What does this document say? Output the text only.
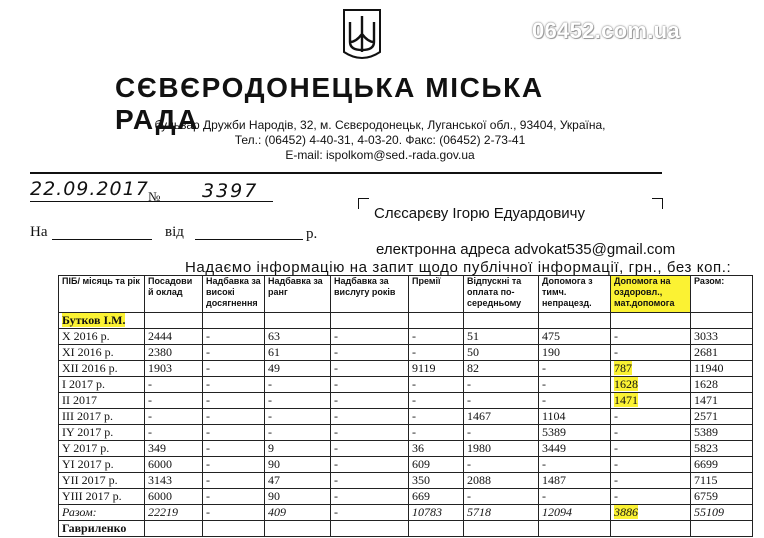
06452.com.ua
СЄВЄРОДОНЕЦЬКА МІСЬКА РАДА
бульвар Дружби Народів, 32, м. Сєвєродонецьк, Луганської обл., 93404, Україна,
Тел.: (06452) 4-40-31, 4-03-20. Факс: (06452) 2-73-41
E-mail: ispolkom@sed.-rada.gov.ua
22.09.2017 № 3397
На	від	р.
Слєсарєву Ігорю Едуардовичу
електронна адреса advokat535@gmail.com
Надаємо інформацію на запит щодо публічної інформації, грн., без коп.:
ПІБ/ місяць та рік	Посадови й оклад	Надбавка за високі досягнення	Надбавка за ранг	Надбавка за вислугу років	Премії	Відпускні та оплата по-середньому	Допомога з тимч. непрацезд.	Допомога на оздоровл., мат.допомога	Разом:
Бутков І.М.									
Х 2016 р.	2444	-	63	-	-	51	475	-	3033
ХІ 2016 р.	2380	-	61	-	-	50	190	-	2681
ХІІ 2016 р.	1903	-	49	-	9119	82	-	787	11940
І 2017 р.	-	-	-	-	-	-	-	1628	1628
ІІ 2017	-	-	-	-	-	-	-	1471	1471
ІІІ 2017 р.	-	-	-	-	-	1467	1104	-	2571
ІY 2017 р.	-	-	-	-	-	-	5389	-	5389
Y 2017 р.	349	-	9	-	36	1980	3449	-	5823
YІ 2017 р.	6000	-	90	-	609	-	-	-	6699
YІІ 2017 р.	3143	-	47	-	350	2088	1487	-	7115
YІІІ 2017 р.	6000	-	90	-	669	-	-	-	6759
Разом:	22219	-	409	-	10783	5718	12094	3886	55109
Гавриленко									
